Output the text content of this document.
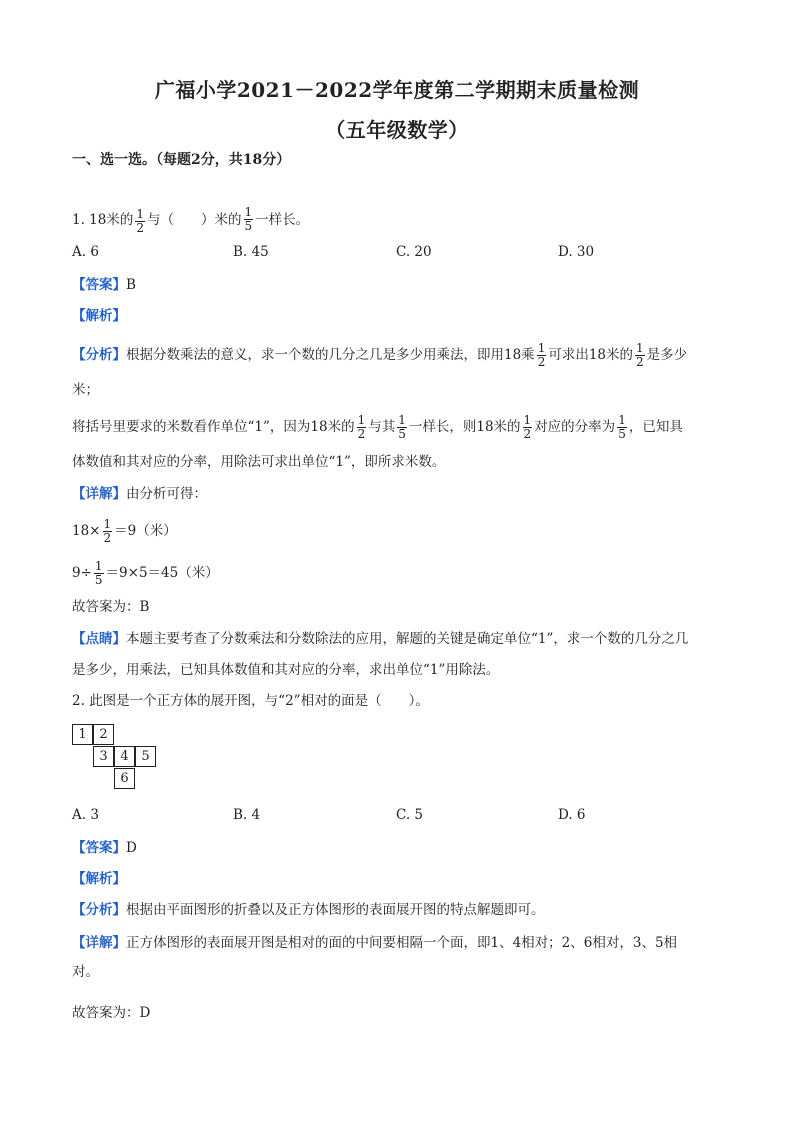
广福小学2021－2022学年度第二学期期末质量检测
（五年级数学）
一、选一选。（每题2分，共18分）
1. 18米的 $\frac{1}{2}$ 与（　　）米的 $\frac{1}{5}$ 一样长。
A. 6	B. 45	C. 20	D. 30
【答案】B
【解析】
【分析】根据分数乘法的意义，求一个数的几分之几是多少用乘法，即用18乘 $\frac{1}{2}$ 可求出18米的 $\frac{1}{2}$ 是多少
米；
将括号里要求的米数看作单位“1”，因为18米的 $\frac{1}{2}$ 与其 $\frac{1}{5}$ 一样长，则18米的 $\frac{1}{2}$ 对应的分率为 $\frac{1}{5}$ ，已知具
体数值和其对应的分率，用除法可求出单位“1”，即所求米数。
【详解】由分析可得：
$18\times \frac{1}{2} =9$（米）
$9\div \frac{1}{5} =9\times 5=45$（米）
故答案为：B
【点睛】本题主要考查了分数乘法和分数除法的应用，解题的关键是确定单位“1”，求一个数的几分之几
是多少，用乘法，已知具体数值和其对应的分率，求出单位“1”用除法。
2. 此图是一个正方体的展开图，与“2”相对的面是（　　）。
1 2
3 4 5
6
A. 3	B. 4	C. 5	D. 6
【答案】D
【解析】
【分析】根据由平面图形的折叠以及正方体图形的表面展开图的特点解题即可。
【详解】正方体图形的表面展开图是相对的面的中间要相隔一个面，即1、4相对；2、6相对，3、5相
对。
故答案为：D
